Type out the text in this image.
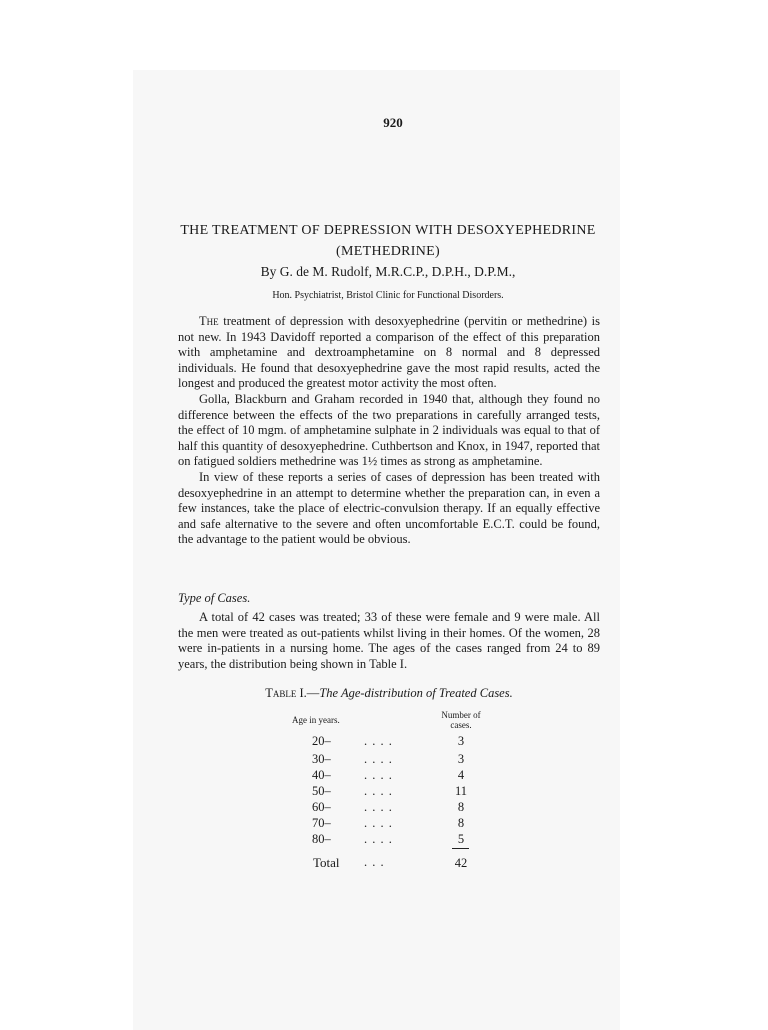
920
THE TREATMENT OF DEPRESSION WITH DESOXYEPHEDRINE
(METHEDRINE)
By G. de M. Rudolf, M.R.C.P., D.P.H., D.P.M.,
Hon. Psychiatrist, Bristol Clinic for Functional Disorders.

The treatment of depression with desoxyephedrine (pervitin or methedrine) is not new. In 1943 Davidoff reported a comparison of the effect of this preparation with amphetamine and dextroamphetamine on 8 normal and 8 depressed individuals. He found that desoxyephedrine gave the most rapid results, acted the longest and produced the greatest motor activity the most often.

Golla, Blackburn and Graham recorded in 1940 that, although they found no difference between the effects of the two preparations in carefully arranged tests, the effect of 10 mgm. of amphetamine sulphate in 2 individuals was equal to that of half this quantity of desoxyephedrine. Cuthbertson and Knox, in 1947, reported that on fatigued soldiers methedrine was 1½ times as strong as amphetamine.

In view of these reports a series of cases of depression has been treated with desoxyephedrine in an attempt to determine whether the preparation can, in even a few instances, take the place of electric-convulsion therapy. If an equally effective and safe alternative to the severe and often uncomfortable E.C.T. could be found, the advantage to the patient would be obvious.

Type of Cases.

A total of 42 cases was treated; 33 of these were female and 9 were male. All the men were treated as out-patients whilst living in their homes. Of the women, 28 were in-patients in a nursing home. The ages of the cases ranged from 24 to 89 years, the distribution being shown in Table I.

Table I.—The Age-distribution of Treated Cases.
Age in years.	Number of
cases.
20–	. . . .	3
30–	. . . .	3
40–	. . . .	4
50–	. . . .	11
60–	. . . .	8
70–	. . . .	8
80–	. . . .	5
Total . . .	42
